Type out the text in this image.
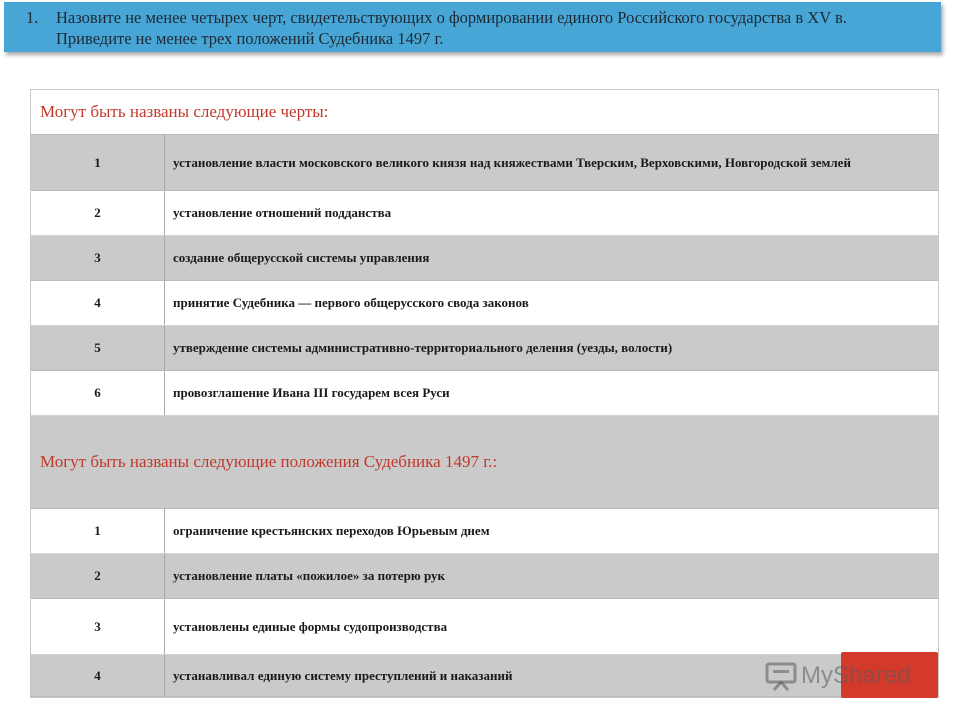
1. Назовите не менее четырех черт, свидетельствующих о формировании единого Российского государства в XV в.
Приведите не менее трех положений Судебника 1497 г.
Могут быть названы следующие черты:
1	установление власти московского великого князя над княжествами Тверским, Верховскими, Новгородской землей
2	установление отношений подданства
3	создание общерусской системы управления
4	принятие Судебника — первого общерусского свода законов
5	утверждение системы административно-территориального деления (уезды, волости)
6	провозглашение Ивана III государем всея Руси
Могут быть названы следующие положения Судебника 1497 г.:
1	ограничение крестьянских переходов Юрьевым днем
2	установление платы «пожилое» за потерю рук
3	установлены единые формы судопроизводства
4	устанавливал единую систему преступлений и наказаний	MyShared
